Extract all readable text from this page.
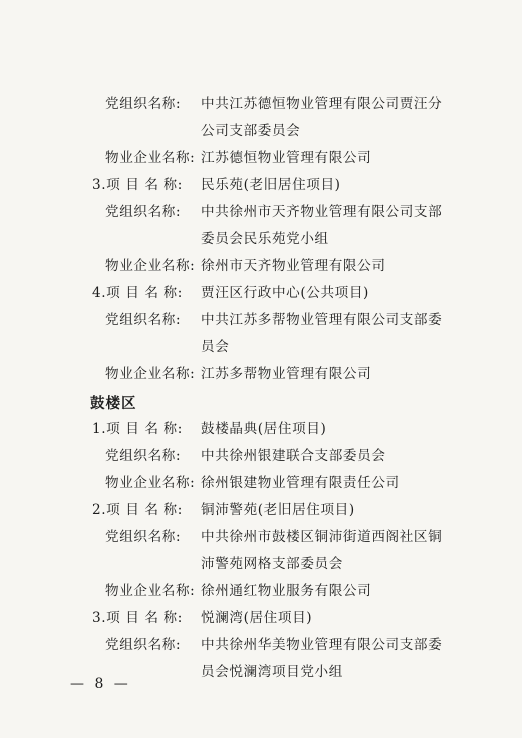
党组织名称: 中共江苏德恒物业管理有限公司贾汪分
公司支部委员会
物业企业名称: 江苏德恒物业管理有限公司
3.项 目 名 称: 民乐苑(老旧居住项目)
党组织名称: 中共徐州市天齐物业管理有限公司支部
委员会民乐苑党小组
物业企业名称: 徐州市天齐物业管理有限公司
4.项 目 名 称: 贾汪区行政中心(公共项目)
党组织名称: 中共江苏多帮物业管理有限公司支部委
员会
物业企业名称: 江苏多帮物业管理有限公司
鼓楼区
1.项 目 名 称: 鼓楼晶典(居住项目)
党组织名称: 中共徐州银建联合支部委员会
物业企业名称: 徐州银建物业管理有限责任公司
2.项 目 名 称: 铜沛警苑(老旧居住项目)
党组织名称: 中共徐州市鼓楼区铜沛街道西阁社区铜
沛警苑网格支部委员会
物业企业名称: 徐州通红物业服务有限公司
3.项 目 名 称: 悦澜湾(居住项目)
党组织名称: 中共徐州华美物业管理有限公司支部委
员会悦澜湾项目党小组
— 8 —
